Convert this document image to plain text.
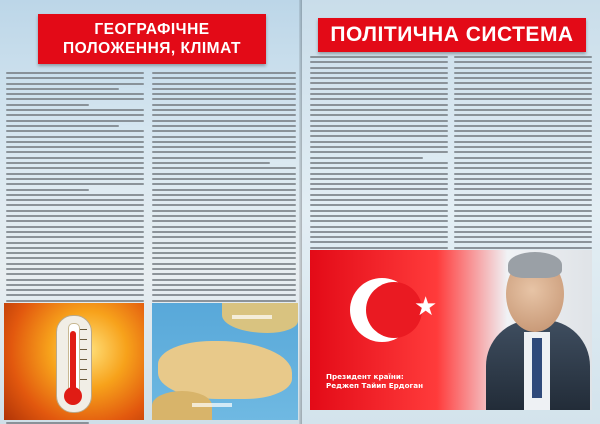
ГЕОГРАФІЧНЕ ПОЛОЖЕННЯ, КЛІМАТ
ПОЛІТИЧНА СИСТЕМА
★
Президент країни:
Реджеп Тайип Ердоган
